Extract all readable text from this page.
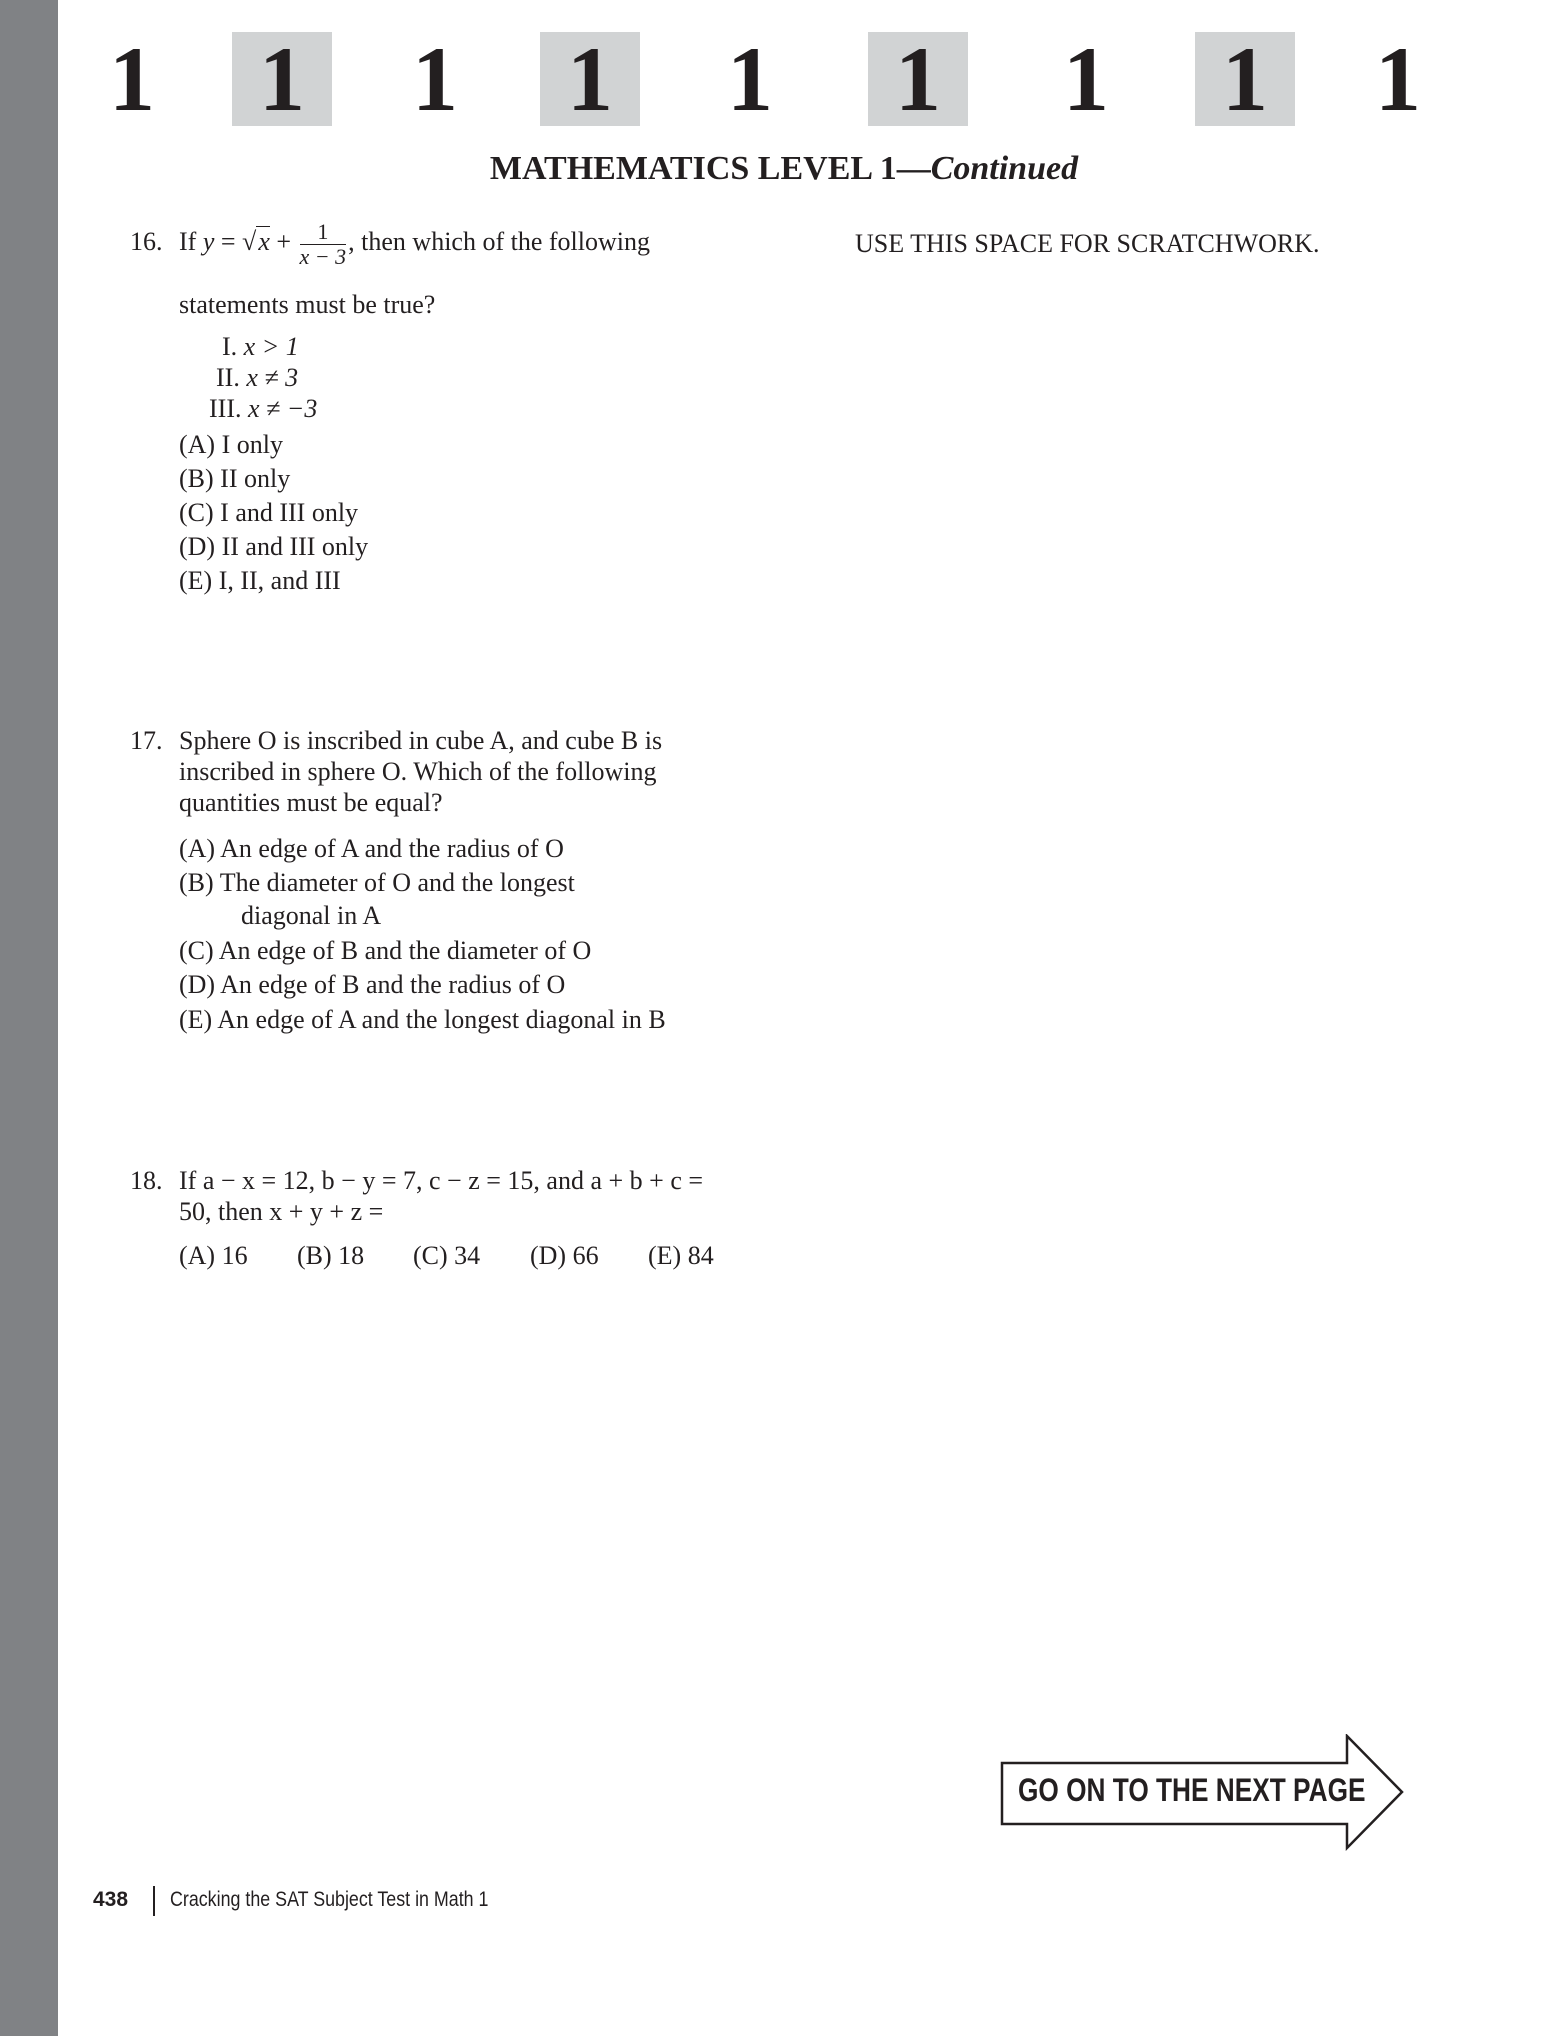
1 1 1 1 1 1 1 1 1
MATHEMATICS LEVEL 1—Continued
USE THIS SPACE FOR SCRATCHWORK.
16. If $y = √x + \frac{1}{x - 3}$, then which of the following
statements must be true?
I. x > 1
II. x ≠ 3
III. x ≠ −3
(A) I only
(B) II only
(C) I and III only
(D) II and III only
(E) I, II, and III
17. Sphere O is inscribed in cube A, and cube B is
inscribed in sphere O. Which of the following
quantities must be equal?
(A) An edge of A and the radius of O
(B) The diameter of O and the longest
diagonal in A
(C) An edge of B and the diameter of O
(D) An edge of B and the radius of O
(E) An edge of A and the longest diagonal in B
18. If a − x = 12, b − y = 7, c − z = 15, and a + b + c =
50, then x + y + z =
(A) 16 (B) 18 (C) 34 (D) 66 (E) 84
GO ON TO THE NEXT PAGE
438 Cracking the SAT Subject Test in Math 1
